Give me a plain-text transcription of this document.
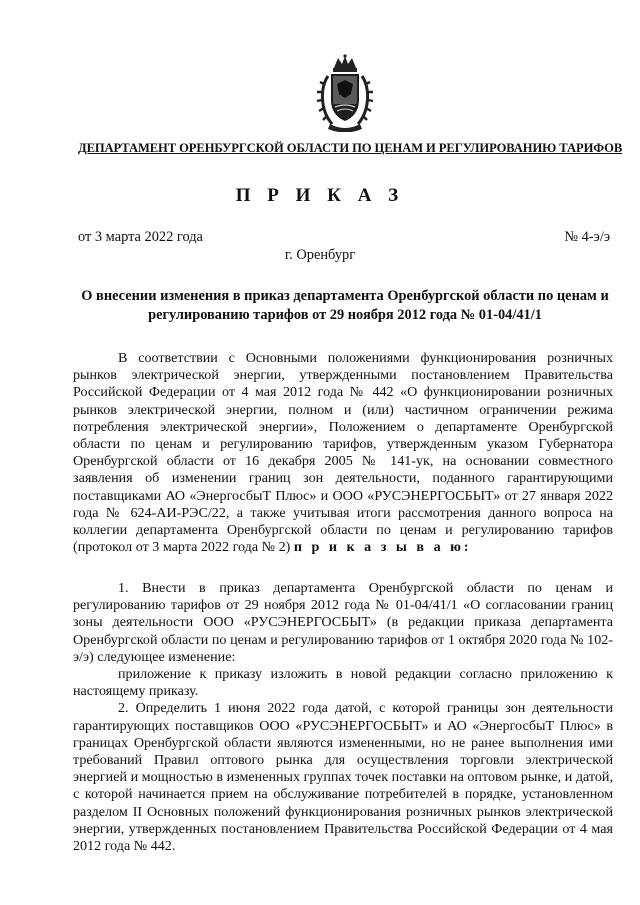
ДЕПАРТАМЕНТ ОРЕНБУРГСКОЙ ОБЛАСТИ ПО ЦЕНАМ И РЕГУЛИРОВАНИЮ ТАРИФОВ
П Р И К А З
от 3 марта 2022 года	№ 4-э/э
г. Оренбург
О внесении изменения в приказ департамента Оренбургской области по ценам и регулированию тарифов от 29 ноября 2012 года № 01-04/41/1

В соответствии с Основными положениями функционирования розничных рынков электрической энергии, утвержденными постановлением Правительства Российской Федерации от 4 мая 2012 года № 442 «О функционировании розничных рынков электрической энергии, полном и (или) частичном ограничении режима потребления электрической энергии», Положением о департаменте Оренбургской области по ценам и регулированию тарифов, утвержденным указом Губернатора Оренбургской области от 16 декабря 2005 № 141-ук, на основании совместного заявления об изменении границ зон деятельности, поданного гарантирующими поставщиками АО «ЭнергосбыТ Плюс» и ООО «РУСЭНЕРГОСБЫТ» от 27 января 2022 года № 624-АИ-РЭС/22, а также учитывая итоги рассмотрения данного вопроса на коллегии департамента Оренбургской области по ценам и регулированию тарифов (протокол от 3 марта 2022 года № 2) п р и к а з ы в а ю:

1. Внести в приказ департамента Оренбургской области по ценам и регулированию тарифов от 29 ноября 2012 года № 01-04/41/1 «О согласовании границ зоны деятельности ООО «РУСЭНЕРГОСБЫТ» (в редакции приказа департамента Оренбургской области по ценам и регулированию тарифов от 1 октября 2020 года № 102-э/э) следующее изменение:

приложение к приказу изложить в новой редакции согласно приложению к настоящему приказу.

2. Определить 1 июня 2022 года датой, с которой границы зон деятельности гарантирующих поставщиков ООО «РУСЭНЕРГОСБЫТ» и АО «ЭнергосбыТ Плюс» в границах Оренбургской области являются измененными, но не ранее выполнения ими требований Правил оптового рынка для осуществления торговли электрической энергией и мощностью в измененных группах точек поставки на оптовом рынке, и датой, с которой начинается прием на обслуживание потребителей в порядке, установленном разделом II Основных положений функционирования розничных рынков электрической энергии, утвержденных постановлением Правительства Российской Федерации от 4 мая 2012 года № 442.
